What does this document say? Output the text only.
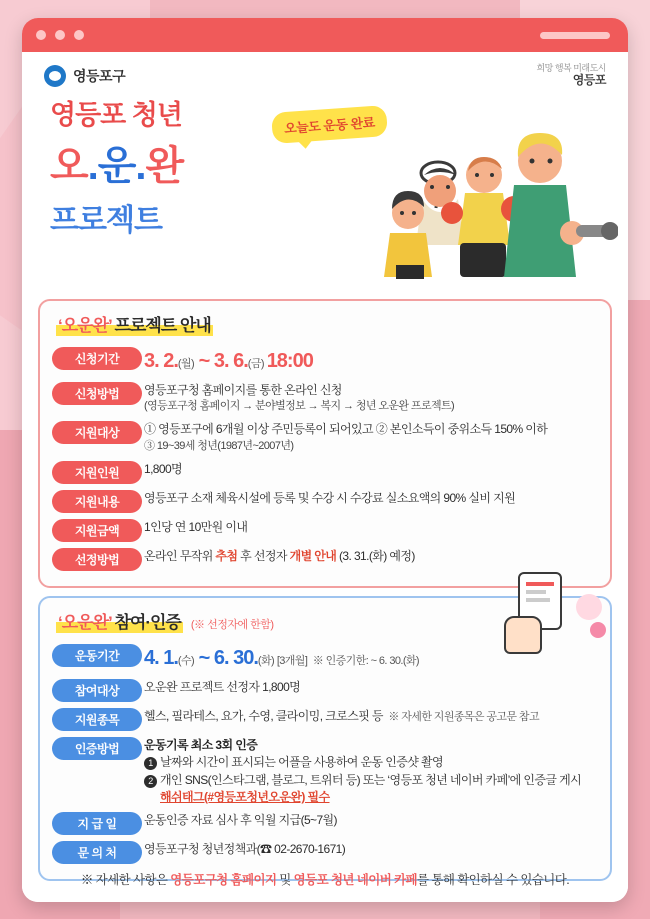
영등포구	희망 행복 미래도시
영등포
오늘도 운동 완료
영등포 청년
오.운.완
프로젝트
‘오운완’ 프로젝트 안내
신청기간	3. 2.(월) ~ 3. 6.(금) 18:00
신청방법	영등포구청 홈페이지를 통한 온라인 신청
(영등포구청 홈페이지 → 분야별정보 → 복지 → 청년 오운완 프로젝트)

지원대상	① 영등포구에 6개월 이상 주민등록이 되어있고 ② 본인소득이 중위소득 150% 이하
③ 19~39세 청년(1987년~2007년)

지원인원	1,800명
지원내용	영등포구 소재 체육시설에 등록 및 수강 시 수강료 실소요액의 90% 실비 지원
지원금액	1인당 연 10만원 이내
선정방법	온라인 무작위 추첨 후 선정자 개별 안내 (3. 31.(화) 예정)
‘오운완’ 참여·인증 (※ 선정자에 한함)
운동기간	4. 1.(수) ~ 6. 30.(화) [3개월] ※ 인증기한: ~ 6. 30.(화)
참여대상	오운완 프로젝트 선정자 1,800명
지원종목	헬스, 필라테스, 요가, 수영, 클라이밍, 크로스핏 등 ※ 자세한 지원종목은 공고문 참고
인증방법	운동기록 최소 3회 인증
1 날짜와 시간이 표시되는 어플을 사용하여 운동 인증샷 촬영
2 개인 SNS(인스타그램, 블로그, 트위터 등) 또는 ‘영등포 청년 네이버 카페’에 인증글 게시
해쉬태그(#영등포청년오운완) 필수

지 급 일	운동인증 자료 심사 후 익월 지급(5~7월)
문 의 처	영등포구청 청년정책과(☎ 02-2670-1671)
※ 자세한 사항은 영등포구청 홈페이지 및 영등포 청년 네이버 카페를 통해 확인하실 수 있습니다.
